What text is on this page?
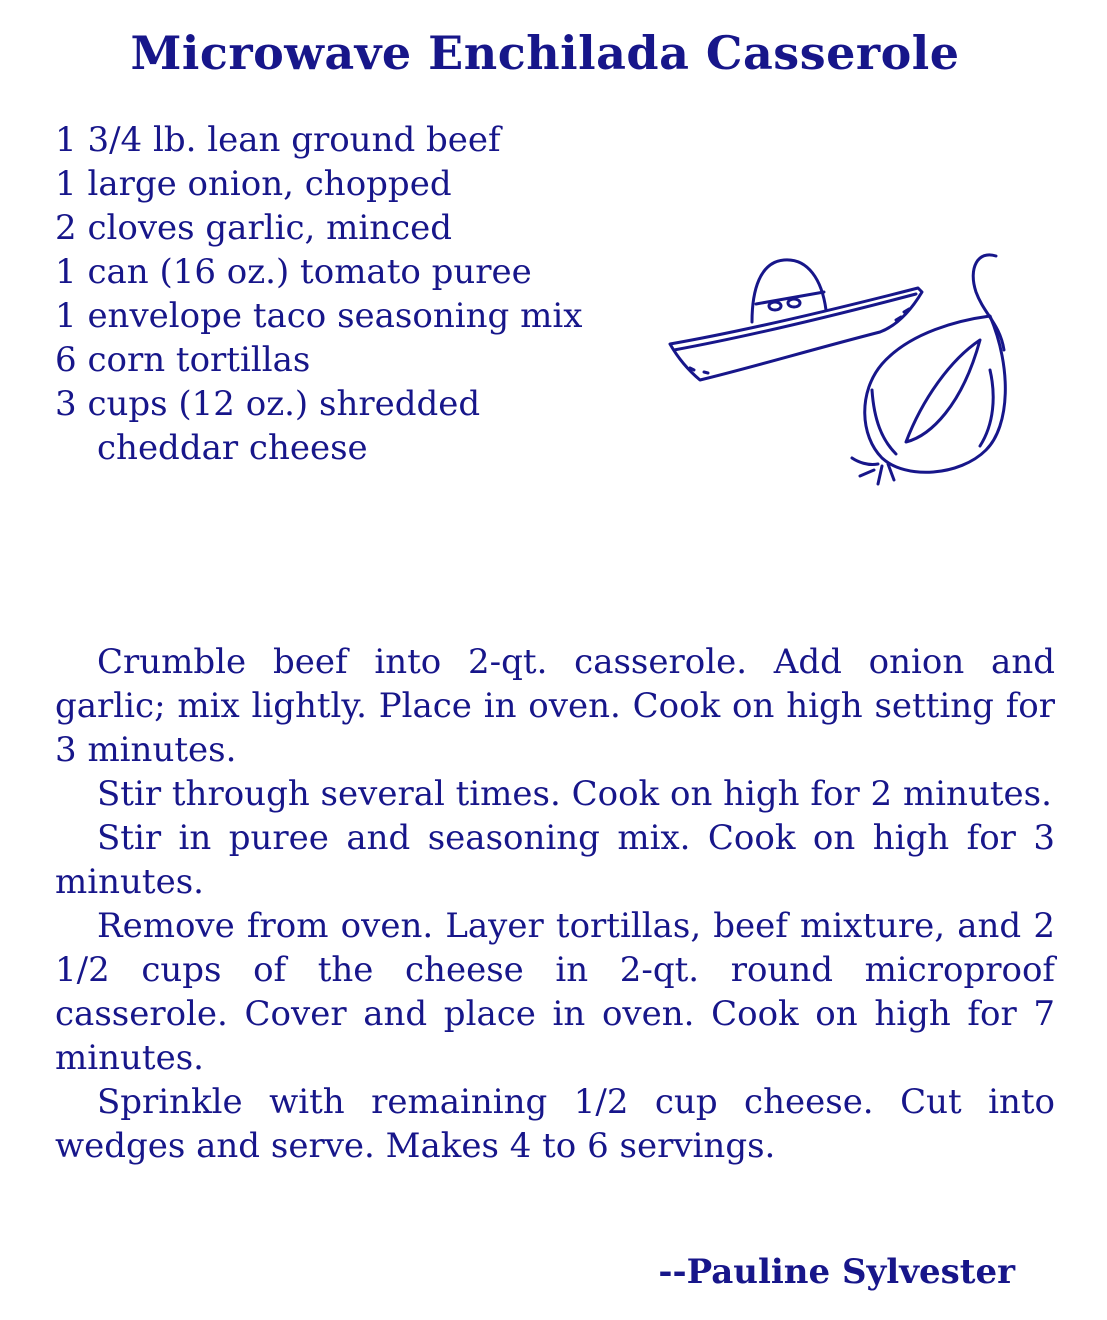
Microwave Enchilada Casserole
1 3/4 lb. lean ground beef
1 large onion, chopped
2 cloves garlic, minced
1 can (16 oz.) tomato puree
1 envelope taco seasoning mix
6 corn tortillas
3 cups (12 oz.) shredded cheddar cheese

Crumble beef into 2-qt. casserole. Add onion and garlic; mix lightly. Place in oven. Cook on high setting for 3 minutes.

Stir through several times. Cook on high for 2 minutes.

Stir in puree and seasoning mix. Cook on high for 3 minutes.

Remove from oven. Layer tortillas, beef mixture, and 2 1/2 cups of the cheese in 2-qt. round microproof casserole. Cover and place in oven. Cook on high for 7 minutes.

Sprinkle with remaining 1/2 cup cheese. Cut into wedges and serve. Makes 4 to 6 servings.

--Pauline Sylvester
